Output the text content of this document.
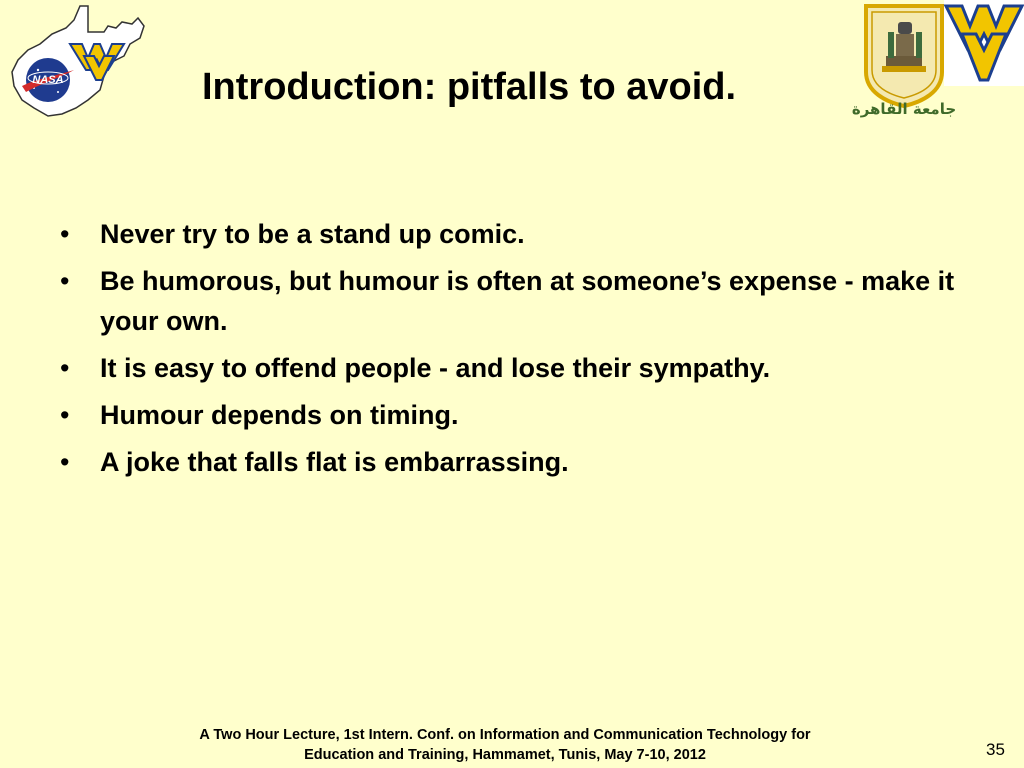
NASA	Introduction: pitfalls to avoid.
جامعة القاهرة
•	Never try to be a stand up comic.
•	Be humorous, but humour is often at someone’s expense - make it your own.
•	It is easy to offend people - and lose their sympathy.
•	Humour depends on timing.
•	A joke that falls flat is embarrassing.
A Two Hour Lecture, 1st Intern. Conf. on Information and Communication Technology for
Education and Training, Hammamet, Tunis, May 7-10, 2012	35
